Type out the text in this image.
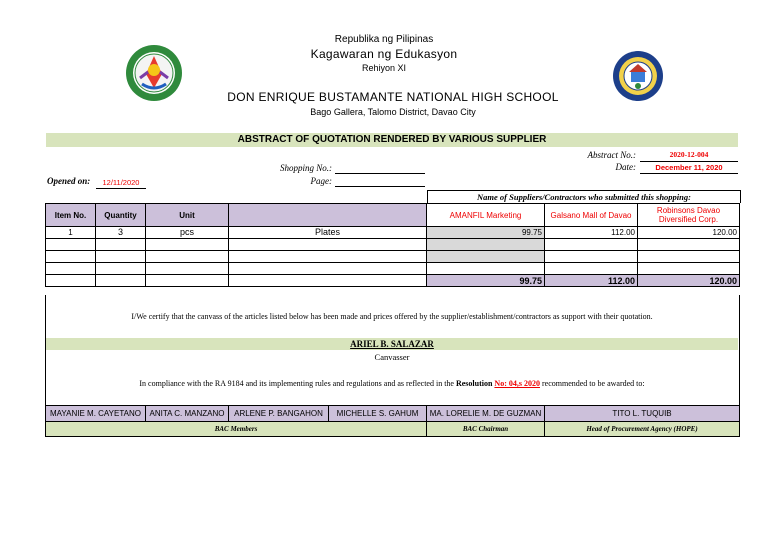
Republika ng Pilipinas
Kagawaran ng Edukasyon
Rehiyon XI
DON ENRIQUE BUSTAMANTE NATIONAL HIGH SCHOOL
Bago Gallera, Talomo District, Davao City
ABSTRACT OF QUOTATION RENDERED BY VARIOUS SUPPLIER
Abstract No.:	2020-12-004
Date:	December 11, 2020
Shopping No.:
Page:
Opened on:	12/11/2020
Name of Suppliers/Contractors who submitted this shopping:
Item No.	Quantity	Unit		AMANFIL Marketing	Galsano Mall of Davao	Robinsons Davao Diversified Corp.
1	3	pcs	Plates	99.75	112.00	120.00

				99.75	112.00	120.00
I/We certify that the canvass of the articles listed below has been made and prices offered by the supplier/establishment/contractors as support with their quotation.
ARIEL B. SALAZAR
Canvasser
In compliance with the RA 9184 and its implementing rules and regulations and as reflected in the Resolution No: 04,s 2020 recommended to be awarded to:
MAYANIE M. CAYETANO	ANITA C. MANZANO	ARLENE P. BANGAHON	MICHELLE S. GAHUM	MA. LORELIE M. DE GUZMAN	TITO L. TUQUIB
BAC Members				BAC Chairman	Head of Procurement Agency (HOPE)
